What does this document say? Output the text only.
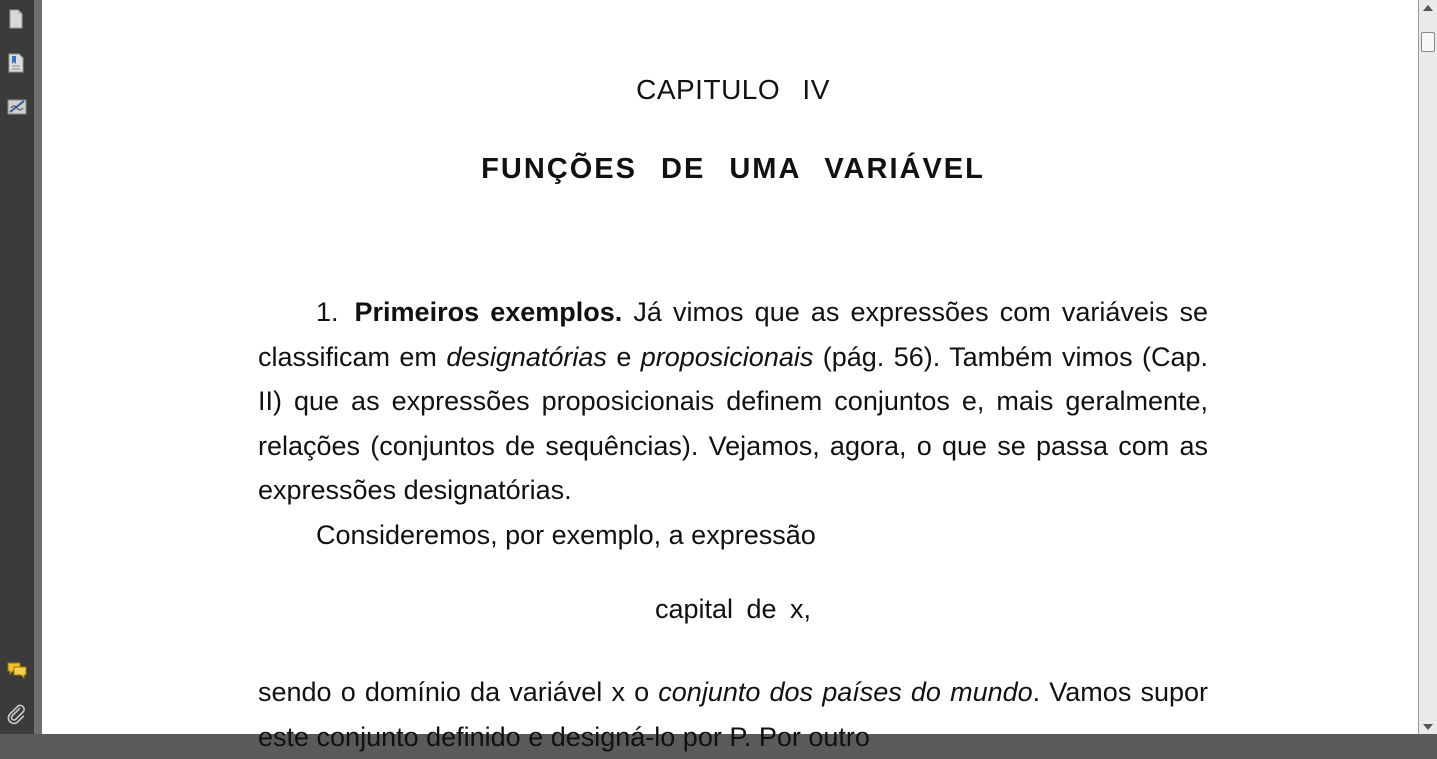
CAPITULO IV
FUNÇÕES DE UMA VARIÁVEL
1. Primeiros exemplos. Já vimos que as expressões com variáveis se classificam em designatórias e proposicionais (pág. 56). Também vimos (Cap. II) que as expressões proposicionais definem conjuntos e, mais geralmente, relações (conjuntos de sequências). Vejamos, agora, o que se passa com as expressões designatórias.
Consideremos, por exemplo, a expressão
capital de x,
sendo o domínio da variável x o conjunto dos países do mundo. Vamos supor este conjunto definido e designá-lo por P. Por outro
